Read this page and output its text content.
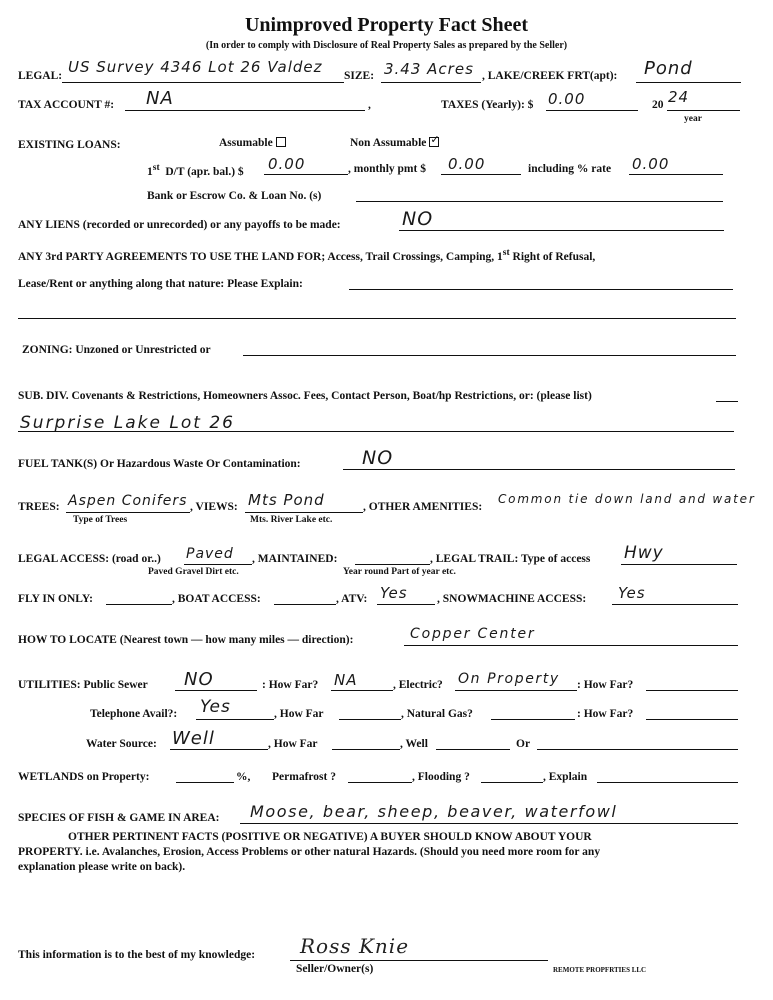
Unimproved Property Fact Sheet
(In order to comply with Disclosure of Real Property Sales as prepared by the Seller)
LEGAL: US Survey 4346 Lot 26 Valdez SIZE: 3.43 Acres , LAKE/CREEK FRT(apt): Pond
TAX ACCOUNT #: NA	,	TAXES (Yearly): $ 0.00	20 24
year
EXISTING LOANS:	Assumable	Non Assumable✓
1st D/T (apr. bal.) $ 0.00	, monthly pmt $ 0.00	including % rate 0.00
Bank or Escrow Co. & Loan No. (s)
ANY LIENS (recorded or unrecorded) or any payoffs to be made:	NO
ANY 3rd PARTY AGREEMENTS TO USE THE LAND FOR; Access, Trail Crossings, Camping, 1st Right of Refusal,
Lease/Rent or anything along that nature: Please Explain:
ZONING: Unzoned or Unrestricted or
SUB. DIV. Covenants & Restrictions, Homeowners Assoc. Fees, Contact Person, Boat/hp Restrictions, or: (please list)
Surprise Lake Lot 26
FUEL TANK(S) Or Hazardous Waste Or Contamination:	NO
TREES: Aspen Conifers
Type of Trees
, VIEWS: Mts Pond
Mts. River Lake etc.
, OTHER AMENITIES:
Common tie down land and water
LEGAL ACCESS: (road or..) Paved
Paved Gravel Dirt etc.
, MAINTAINED:
Year round Part of year etc.
, LEGAL TRAIL: Type of access Hwy
FLY IN ONLY:	, BOAT ACCESS:	, ATV: Yes	, SNOWMACHINE ACCESS: Yes
HOW TO LOCATE (Nearest town — how many miles — direction):	Copper Center
UTILITIES: Public Sewer NO	: How Far? NA	, Electric? On Property : How Far?
Telephone Avail?: Yes	, How Far	, Natural Gas?	: How Far?
Water Source: Well	, How Far	, Well	Or
WETLANDS on Property:	%, Permafrost ?	, Flooding ?	, Explain
SPECIES OF FISH & GAME IN AREA: Moose, bear, sheep, beaver, waterfowl
OTHER PERTINENT FACTS (POSITIVE OR NEGATIVE) A BUYER SHOULD KNOW ABOUT YOUR
PROPERTY. i.e. Avalanches, Erosion, Access Problems or other natural Hazards. (Should you need more room for any
explanation please write on back).
This information is to the best of my knowledge: Ross Knie
Seller/Owner(s)	REMOTE PROPFRTIES LLC
